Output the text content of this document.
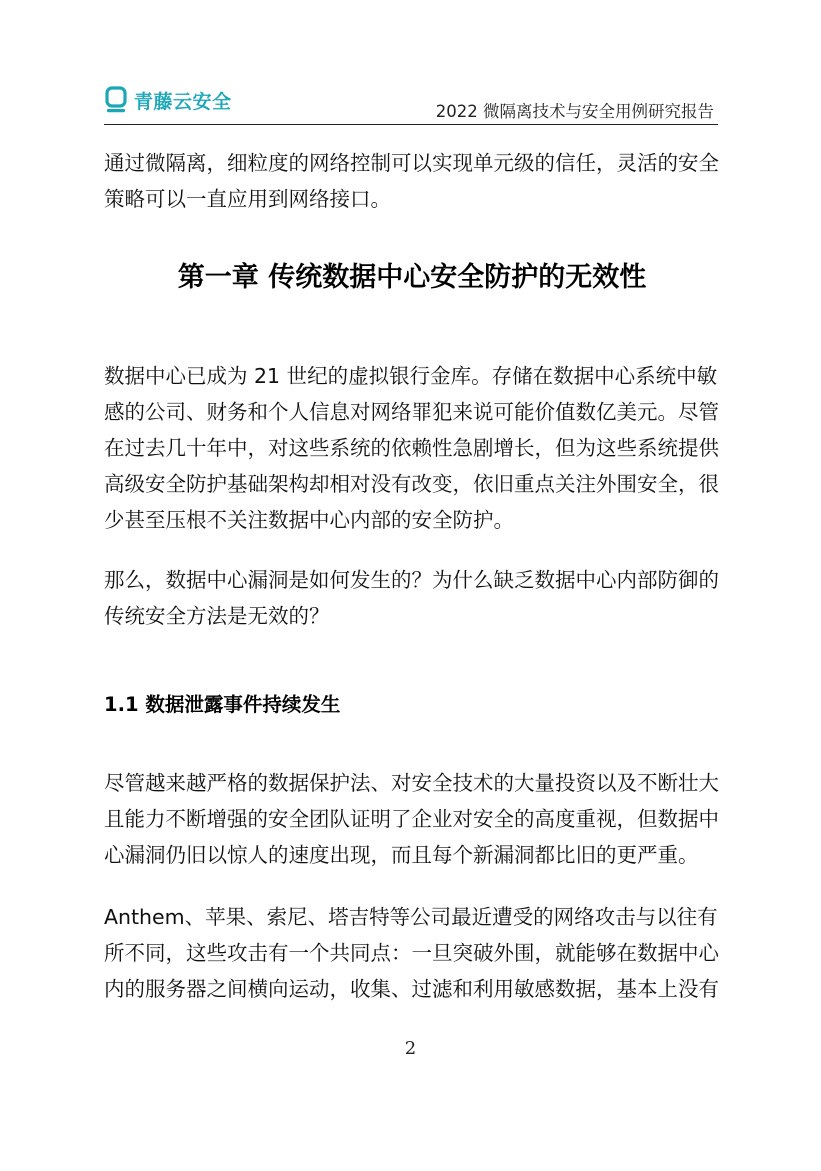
青藤云安全	2022 微隔离技术与安全用例研究报告

通过微隔离，细粒度的网络控制可以实现单元级的信任，灵活的安全策略可以一直应用到网络接口。

第一章 传统数据中心安全防护的无效性

数据中心已成为 21 世纪的虚拟银行金库。存储在数据中心系统中敏感的公司、财务和个人信息对网络罪犯来说可能价值数亿美元。尽管在过去几十年中，对这些系统的依赖性急剧增长，但为这些系统提供高级安全防护基础架构却相对没有改变，依旧重点关注外围安全，很少甚至压根不关注数据中心内部的安全防护。

那么，数据中心漏洞是如何发生的？为什么缺乏数据中心内部防御的传统安全方法是无效的？

1.1 数据泄露事件持续发生

尽管越来越严格的数据保护法、对安全技术的大量投资以及不断壮大且能力不断增强的安全团队证明了企业对安全的高度重视，但数据中心漏洞仍旧以惊人的速度出现，而且每个新漏洞都比旧的更严重。

Anthem、苹果、索尼、塔吉特等公司最近遭受的网络攻击与以往有所不同，这些攻击有一个共同点：一旦突破外围，就能够在数据中心内的服务器之间横向运动，收集、过滤和利用敏感数据，基本上没有

2
